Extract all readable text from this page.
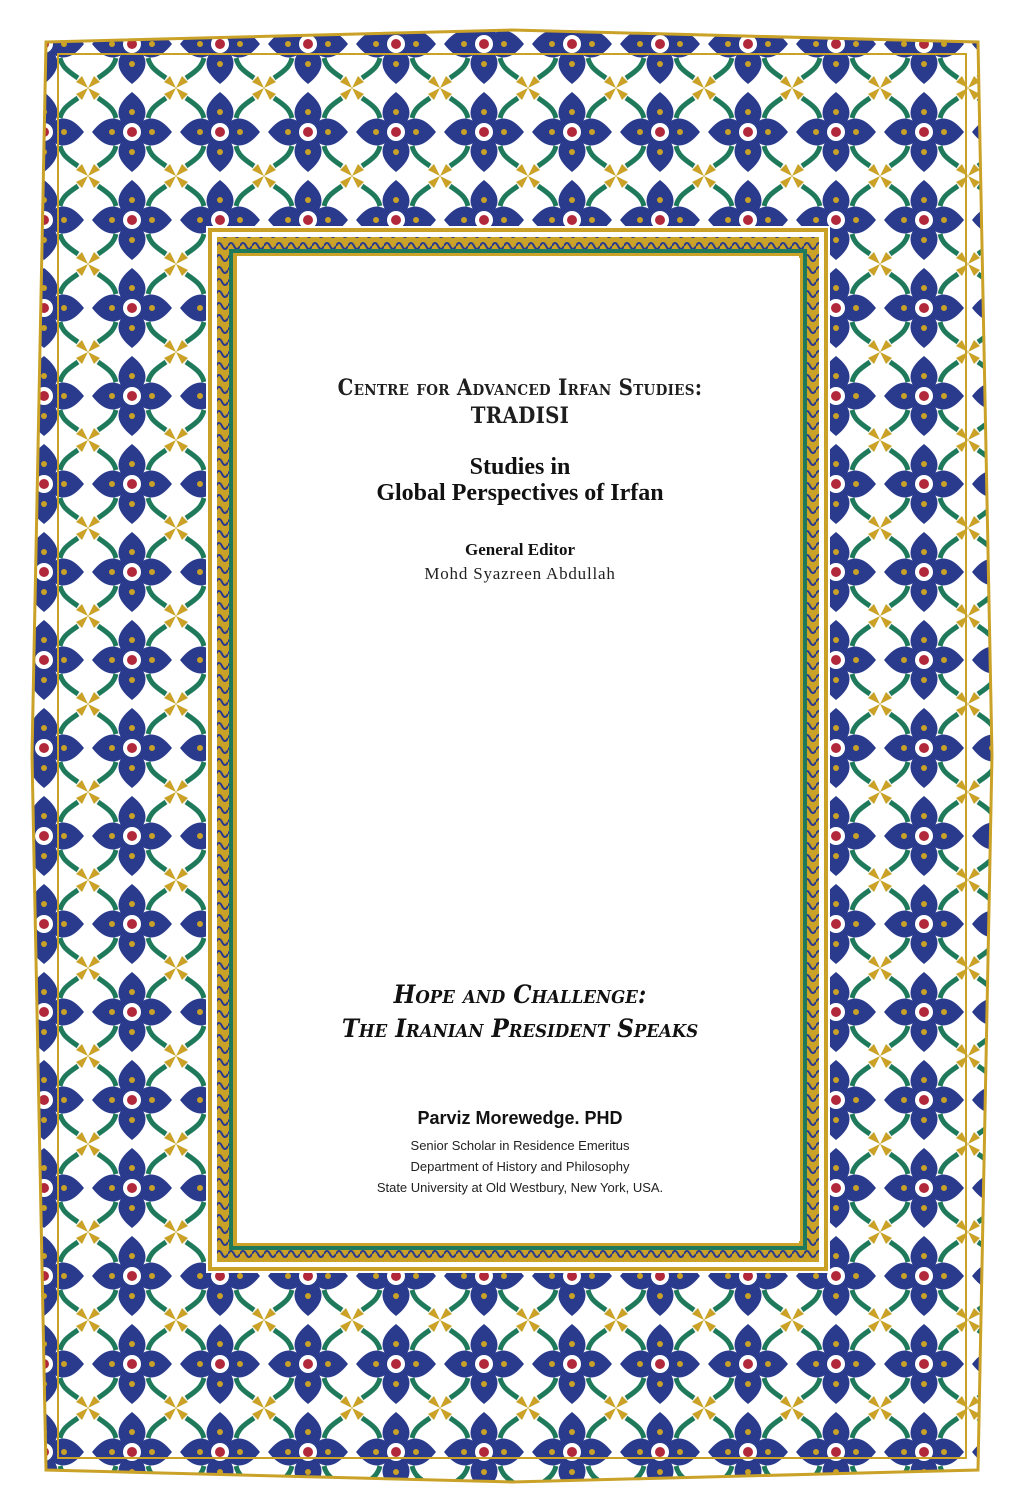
Centre for Advanced Irfan Studies:
TRADISI
Studies in
Global Perspectives of Irfan
General Editor
Mohd Syazreen Abdullah
Hope and Challenge:
The Iranian President Speaks
Parviz Morewedge. PHD
Senior Scholar in Residence Emeritus
Department of History and Philosophy
State University at Old Westbury, New York, USA.
